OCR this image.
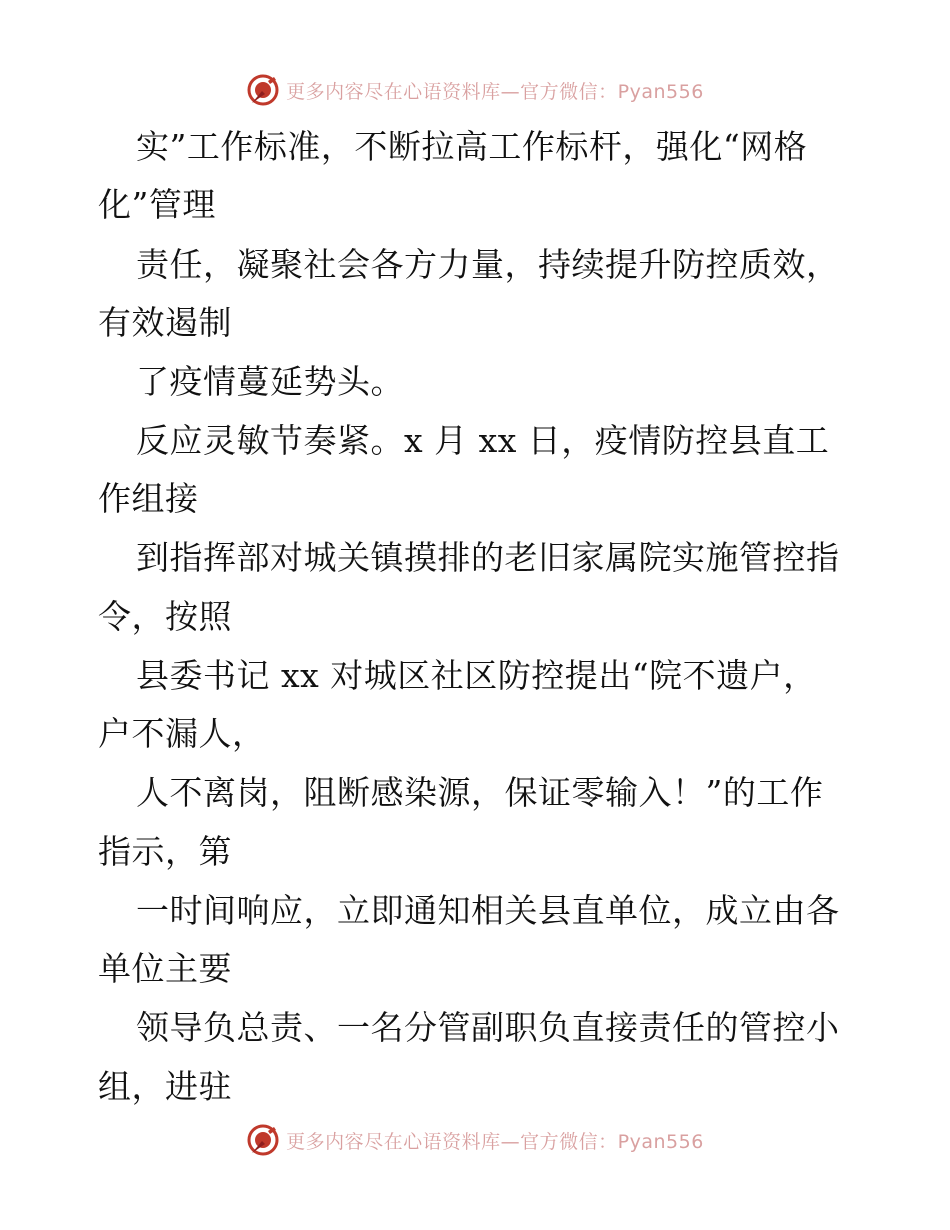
更多内容尽在心语资料库—官方微信：Pyan556
实”工作标准，不断拉高工作标杆，强化“网格
化”管理
责任，凝聚社会各方力量，持续提升防控质效，
有效遏制
了疫情蔓延势头。
反应灵敏节奏紧。x 月 xx 日，疫情防控县直工
作组接
到指挥部对城关镇摸排的老旧家属院实施管控指
令，按照
县委书记 xx 对城区社区防控提出“院不遗户，
户不漏人，
人不离岗，阻断感染源，保证零输入！”的工作
指示，第
一时间响应，立即通知相关县直单位，成立由各
单位主要
领导负总责、一名分管副职负直接责任的管控小
组，进驻
更多内容尽在心语资料库—官方微信：Pyan556
